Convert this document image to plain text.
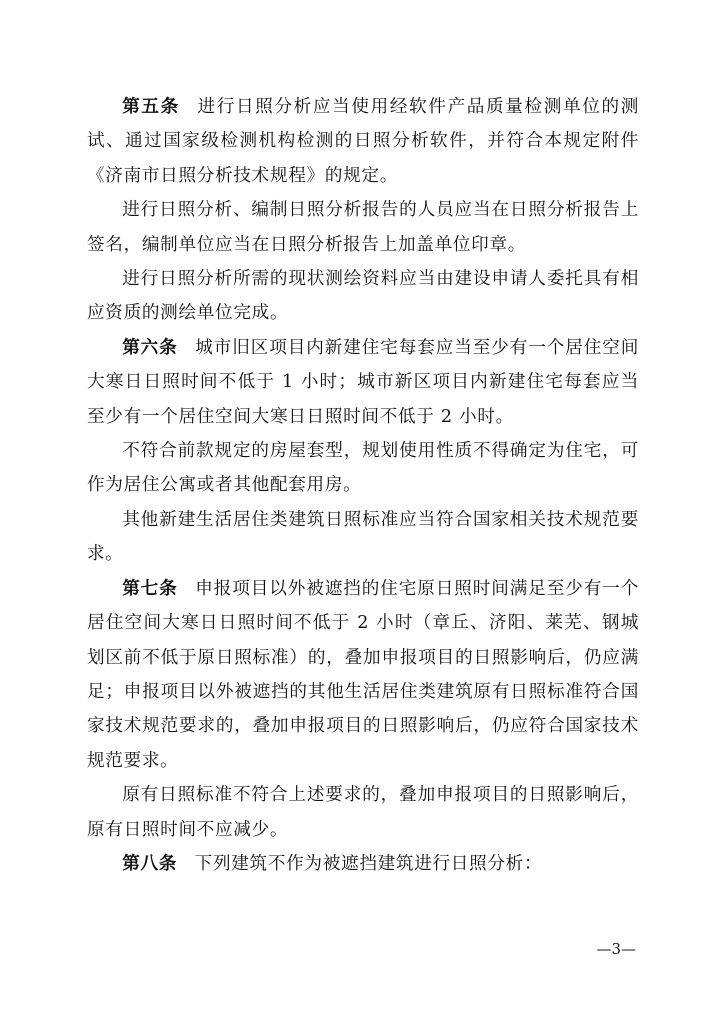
第五条 进行日照分析应当使用经软件产品质量检测单位的测试、通过国家级检测机构检测的日照分析软件，并符合本规定附件《济南市日照分析技术规程》的规定。

进行日照分析、编制日照分析报告的人员应当在日照分析报告上签名，编制单位应当在日照分析报告上加盖单位印章。

进行日照分析所需的现状测绘资料应当由建设申请人委托具有相应资质的测绘单位完成。

第六条 城市旧区项目内新建住宅每套应当至少有一个居住空间大寒日日照时间不低于 1 小时；城市新区项目内新建住宅每套应当至少有一个居住空间大寒日日照时间不低于 2 小时。

不符合前款规定的房屋套型，规划使用性质不得确定为住宅，可作为居住公寓或者其他配套用房。

其他新建生活居住类建筑日照标准应当符合国家相关技术规范要求。

第七条 申报项目以外被遮挡的住宅原日照时间满足至少有一个居住空间大寒日日照时间不低于 2 小时（章丘、济阳、莱芜、钢城划区前不低于原日照标准）的，叠加申报项目的日照影响后，仍应满足；申报项目以外被遮挡的其他生活居住类建筑原有日照标准符合国家技术规范要求的，叠加申报项目的日照影响后，仍应符合国家技术规范要求。

原有日照标准不符合上述要求的，叠加申报项目的日照影响后，原有日照时间不应减少。

第八条 下列建筑不作为被遮挡建筑进行日照分析：

—3—
